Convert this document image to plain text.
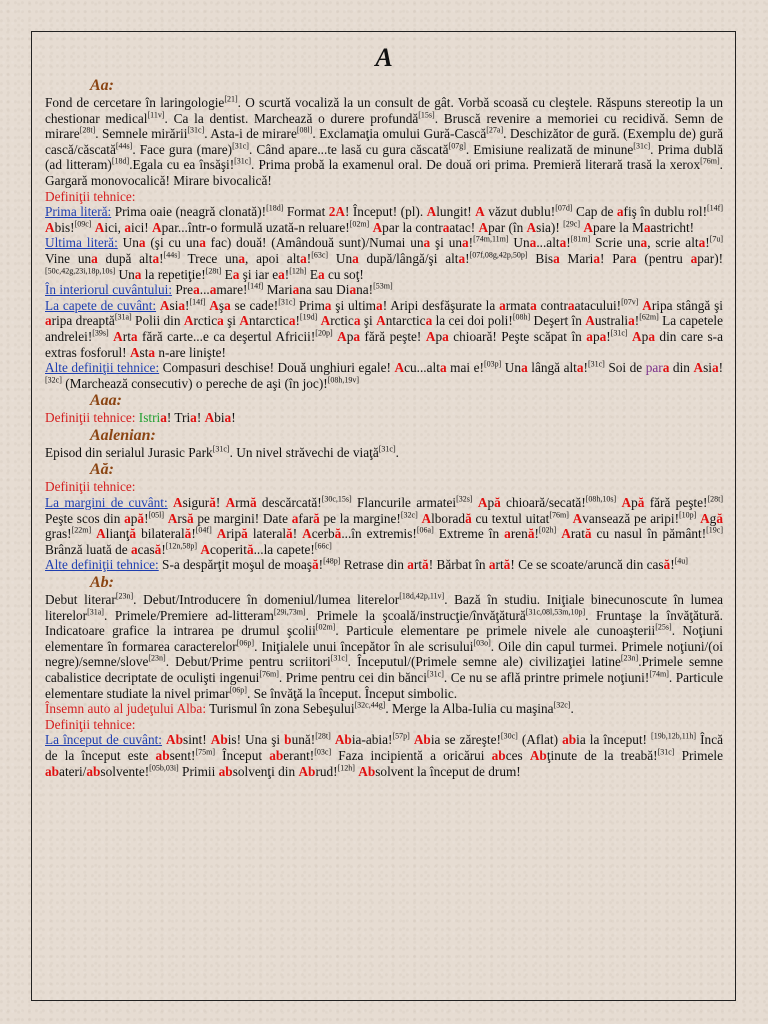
A
Aa:

Fond de cercetare în laringologie[21]. O scurtă vocaliză la un consult de gât. Vorbă scoasă cu cleştele. Răspuns stereotip la un chestionar medical[11v]. Ca la dentist. Marchează o durere profundă[15s]. Bruscă revenire a memoriei cu recidivă. Semn de mirare[28t]. Semnele mirării[31c]. Asta-i de mirare[08l]. Exclamaţia omului Gură-Cască[27a]. Deschizător de gură. (Exemplu de) gură cască/căscată[44s]. Face gura (mare)[31c]. Când apare...te lasă cu gura căscată[07g]. Emisiune realizată de minune[31c]. Prima dublă (ad litteram)[18d].Egala cu ea însăşi![31c]. Prima probă la examenul oral. De două ori prima. Premieră literară trasă la xerox[76m]. Gargară monovocalică! Mirare bivocalică!

Definiţii tehnice:

Prima literă: Prima oaie (neagră clonată)![18d] Format 2A! Început! (pl). Alungit! A văzut dublu![07d] Cap de afiş în dublu rol![14f] Abis![09c] Aici, aici! Apar...într-o formulă uzată-n reluare![02m] Apar la contraatac! Apar (în Asia)! [29c] Apare la Maastricht!

Ultima literă: Una (şi cu una fac) două! (Amândouă sunt)/Numai una şi una![74m,11m] Una...alta![81m] Scrie una, scrie alta![7u] Vine una după alta![44s] Trece una, apoi alta![63c] Una după/lângă/şi alta![07f,08g,42p,50p] Bisa Maria! Para (pentru apar)![50c,42g,23i,18p,10s] Una la repetiţie![28t] Ea şi iar ea![12h] Ea cu soţ!

În interiorul cuvântului: Prea...amare![14f] Mariana sau Diana![53m]

La capete de cuvânt: Asia![14f] Aşa se cade![31c] Prima şi ultima! Aripi desfăşurate la armata contraatacului![07v] Aripa stângă şi aripa dreaptă[31a] Polii din Arctica şi Antarctica![19d] Arctica şi Antarctica la cei doi poli![08h] Deşert în Australia![62m] La capetele andrelei![39s] Arta fără carte...e ca deşertul Africii![20p] Apa fără peşte! Apa chioară! Peşte scăpat în apa![31c] Apa din care s-a extras fosforul! Asta n-are linişte!

Alte definiţii tehnice: Compasuri deschise! Două unghiuri egale! Acu...alta mai e![03p] Una lângă alta![31c] Soi de para din Asia![32c] (Marchează consecutiv) o pereche de aşi (în joc)![08h,19v]

Aaa:

Definiţii tehnice: Istria! Tria! Abia!

Aalenian:

Episod din serialul Jurasic Park[31c]. Un nivel străvechi de viaţă[31c].

Aă:

Definiţii tehnice:

La margini de cuvânt: Asigură! Armă descărcată![30c,15s] Flancurile armatei[32s] Apă chioară/secată![08h,10s] Apă fără peşte![28t] Peşte scos din apă![05l] Arsă pe margini! Date afară pe la margine![32c] Alboradă cu textul uitat[76m] Avansează pe aripi![10p] Agă gras![22m] Alianţă bilaterală![04f] Aripă laterală! Acerbă...în extremis![06a] Extreme în arenă![02h] Arată cu nasul în pământ![19c] Brânză luată de acasă![12n,58p] Acoperită...la capete![66c]

Alte definiţii tehnice: S-a despărţit moşul de moaşă![48p] Retrase din artă! Bărbat în artă! Ce se scoate/aruncă din casă![4u]

Ab:

Debut literar[23n]. Debut/Introducere în domeniul/lumea literelor[18d,42p,11v]. Bază în studiu. Iniţiale binecunoscute în lumea literelor[31a]. Primele/Premiere ad-litteram[29i,73m]. Primele la şcoală/instrucţie/învăţătură[31c,08l,53m,10p]. Fruntaşe la învăţătură. Indicatoare grafice la intrarea pe drumul şcolii[02m]. Particule elementare pe primele nivele ale cunoaşterii[25s]. Noţiuni elementare în formarea caracterelor[06p]. Iniţialele unui începător în ale scrisului[03o]. Oile din capul turmei. Primele noţiuni/(oi negre)/semne/slove[23n]. Debut/Prime pentru scriitori[31c]. Începutul/(Primele semne ale) civilizaţiei latine[23n].Primele semne cabalistice decriptate de oculişti ingenui[76m]. Prime pentru cei din bănci[31c]. Ce nu se află printre primele noţiuni![74m]. Particule elementare studiate la nivel primar[06p]. Se învăţă la început. Început simbolic.

Însemn auto al judeţului Alba: Turismul în zona Sebeşului[32c,44g]. Merge la Alba-Iulia cu maşina[32c].

Definiţii tehnice:

La început de cuvânt: Absint! Abis! Una şi bună![28t] Abia-abia![57p] Abia se zăreşte![30c] (Aflat) abia la început! [19b,12b,11h] Încă de la început este absent![75m] Început aberant![03c] Faza incipientă a oricărui abces Abţinute de la treabă![31c] Primele abateri/absolvente![05b,03i] Primii absolvenţi din Abrud![12h] Absolvent la început de drum!
